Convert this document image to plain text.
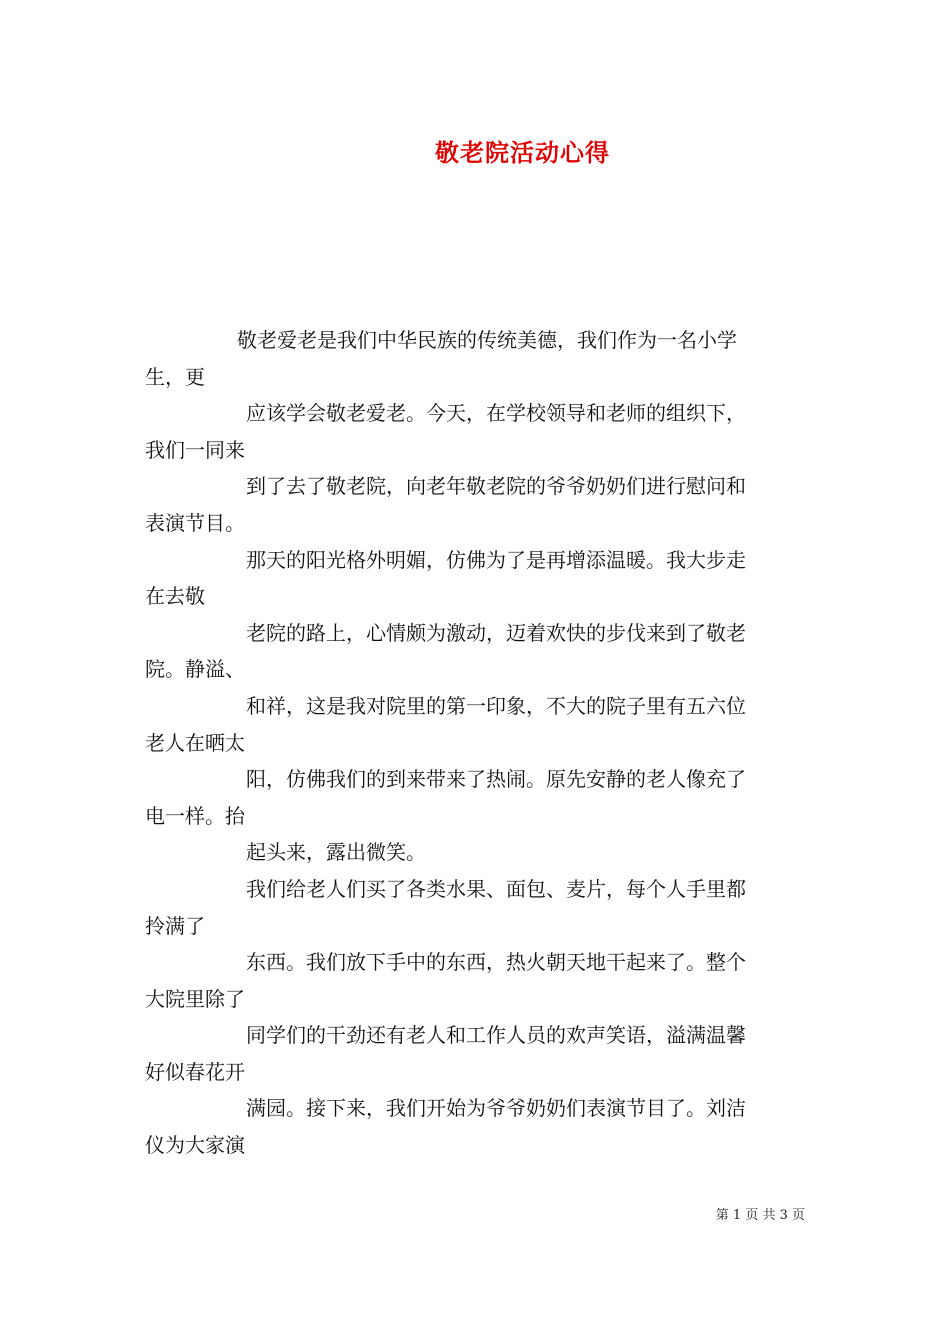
敬老院活动心得
敬老爱老是我们中华民族的传统美德，我们作为一名小学
生，更
应该学会敬老爱老。今天，在学校领导和老师的组织下，
我们一同来
到了去了敬老院，向老年敬老院的爷爷奶奶们进行慰问和
表演节目。
那天的阳光格外明媚，仿佛为了是再增添温暖。我大步走
在去敬
老院的路上，心情颇为激动，迈着欢快的步伐来到了敬老
院。静溢、
和祥，这是我对院里的第一印象，不大的院子里有五六位
老人在晒太
阳，仿佛我们的到来带来了热闹。原先安静的老人像充了
电一样。抬
起头来，露出微笑。
我们给老人们买了各类水果、面包、麦片，每个人手里都
拎满了
东西。我们放下手中的东西，热火朝天地干起来了。整个
大院里除了
同学们的干劲还有老人和工作人员的欢声笑语，溢满温馨
好似春花开
满园。接下来，我们开始为爷爷奶奶们表演节目了。刘洁
仪为大家演
第 1 页 共 3 页
